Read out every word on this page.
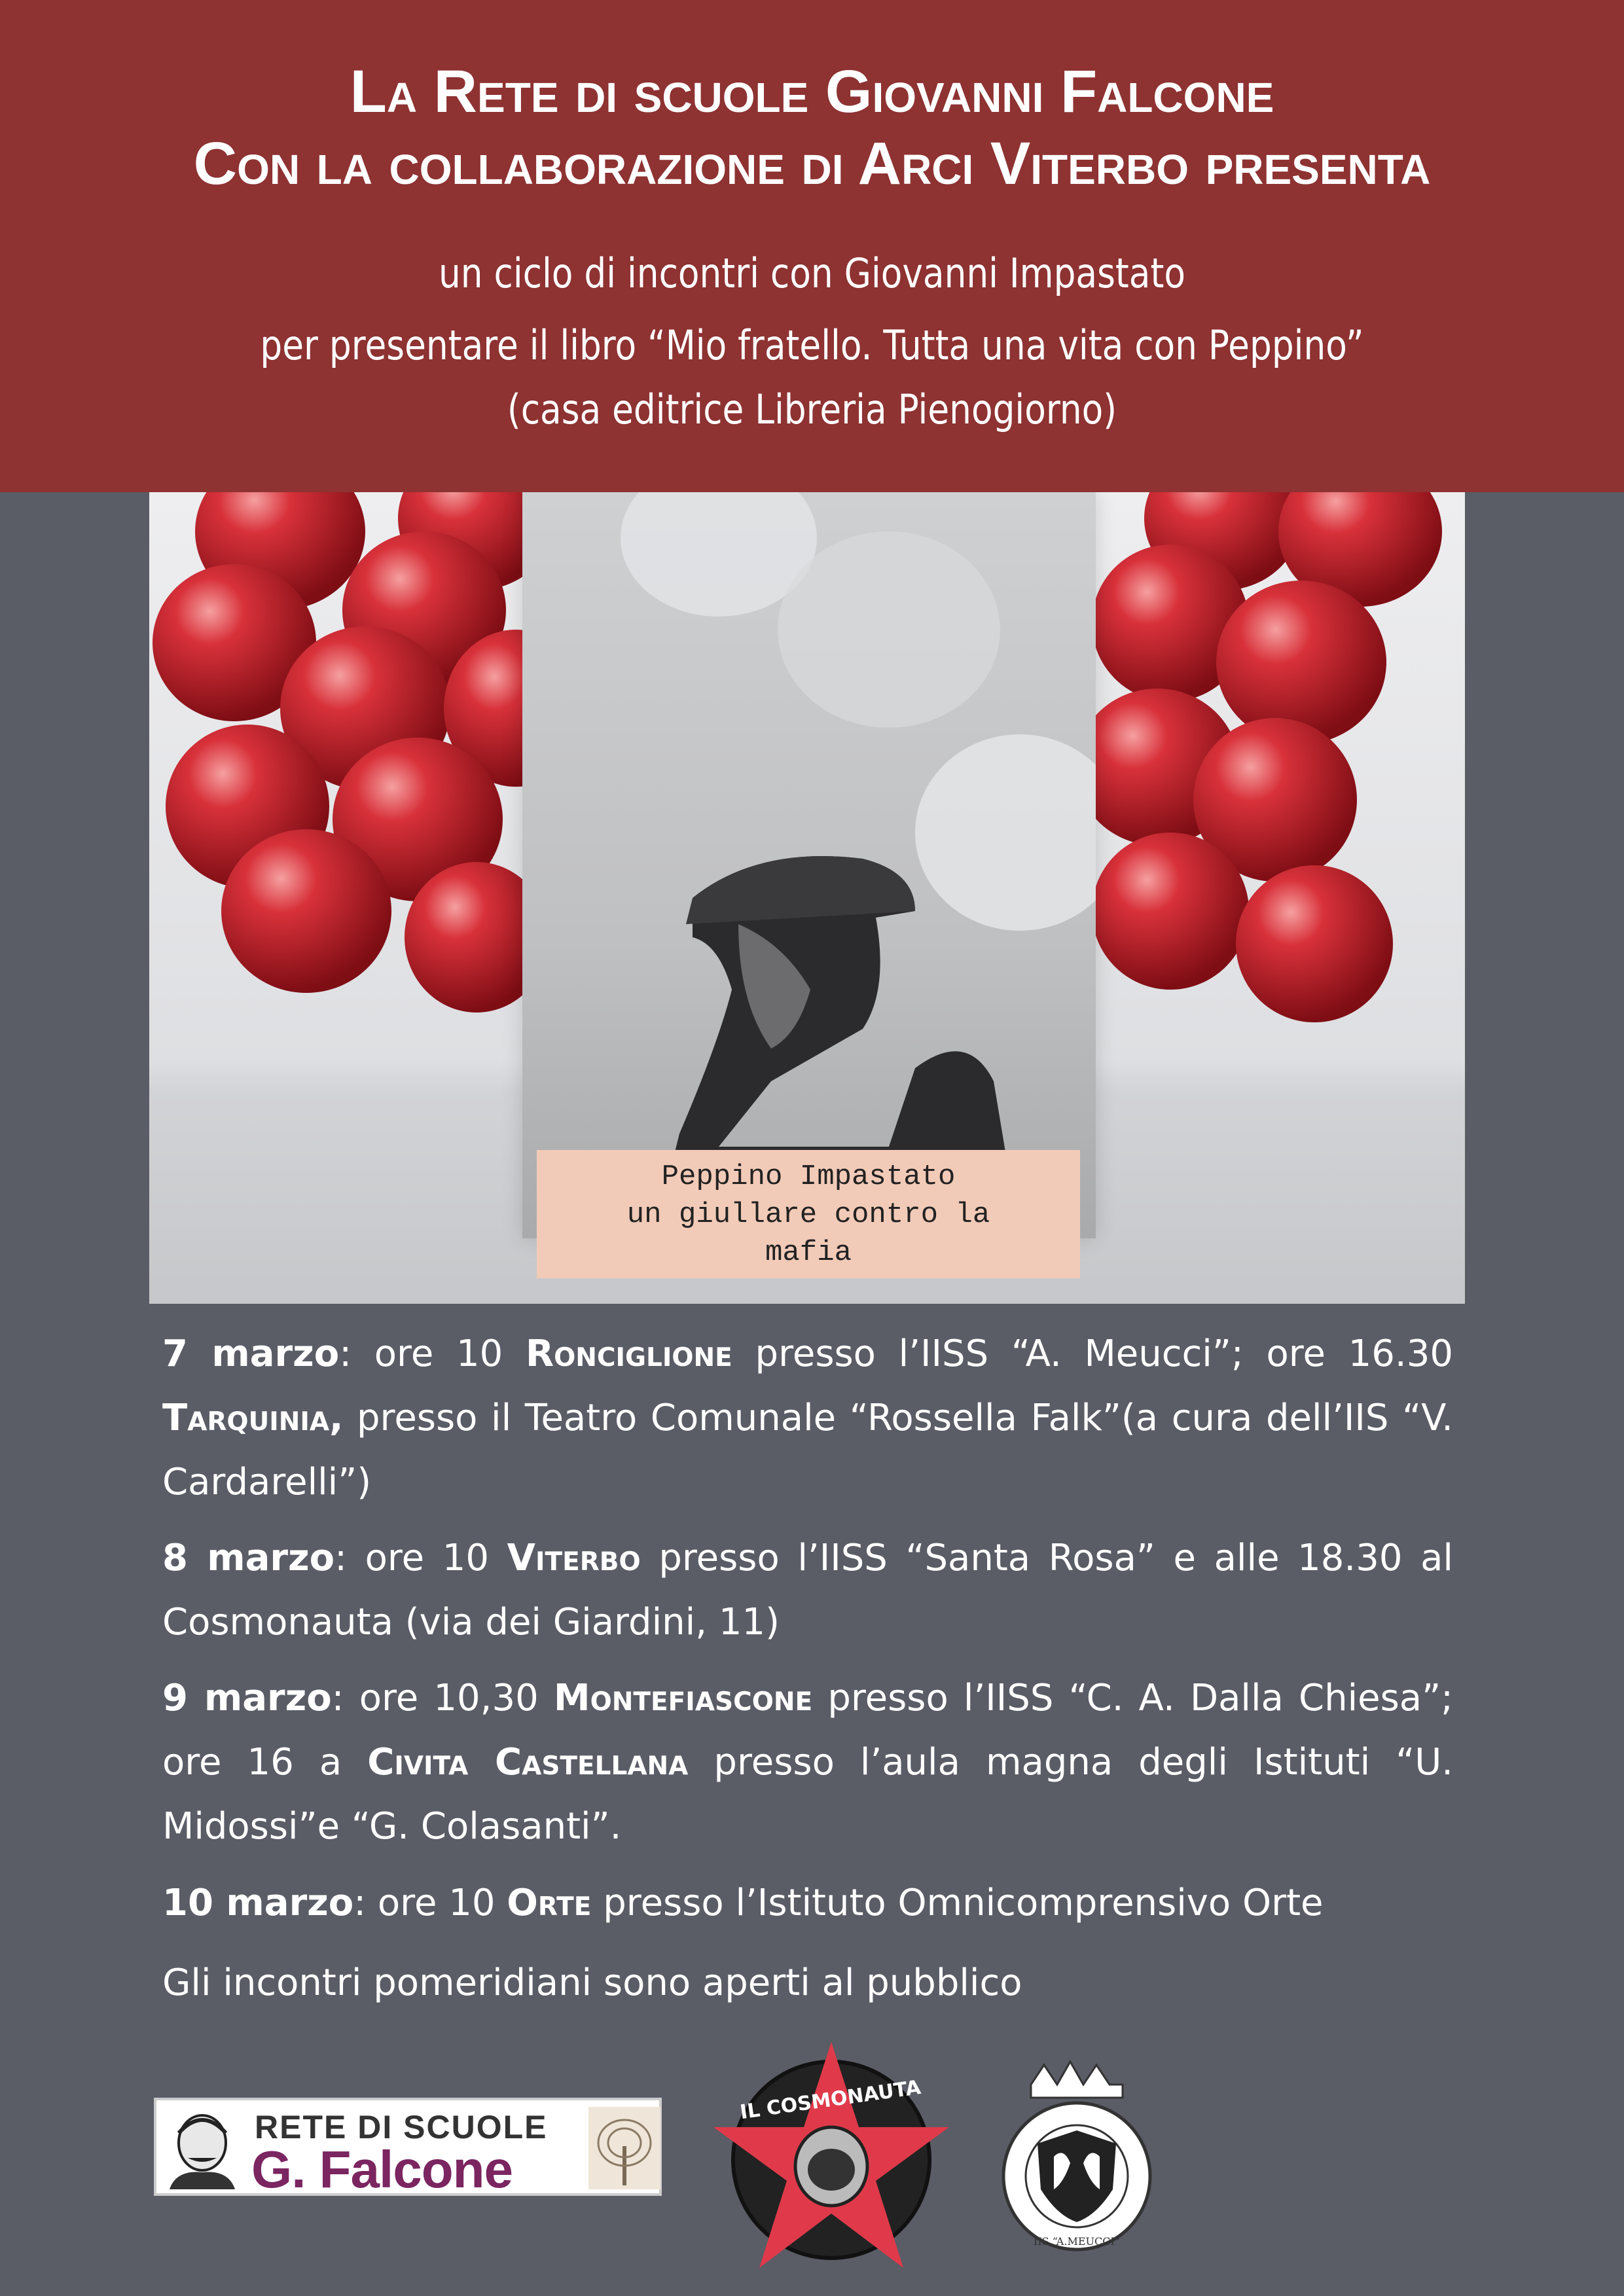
La Rete di scuole Giovanni Falcone
Con la collaborazione di Arci Viterbo presenta
un ciclo di incontri con Giovanni Impastato
per presentare il libro “Mio fratello. Tutta una vita con Peppino”
(casa editrice Libreria Pienogiorno)
Peppino Impastato
un giullare contro la
mafia

7 marzo: ore 10 Ronciglione presso l’IISS “A. Meucci”; ore 16.30 Tarquinia, presso il Teatro Comunale “Rossella Falk”(a cura dell’IIS “V. Cardarelli”)

8 marzo: ore 10 Viterbo presso l’IISS “Santa Rosa” e alle 18.30 al Cosmonauta (via dei Giardini, 11)

9 marzo: ore 10,30 Montefiascone presso l’IISS “C. A. Dalla Chiesa”; ore 16 a Civita Castellana presso l’aula magna degli Istituti “U. Midossi”e “G. Colasanti”.

10 marzo: ore 10 Orte presso l’Istituto Omnicomprensivo Orte

Gli incontri pomeridiani sono aperti al pubblico
RETE DI SCUOLE
G. Falcone
IL COSMONAUTA
IIS “A.MEUCCI”
